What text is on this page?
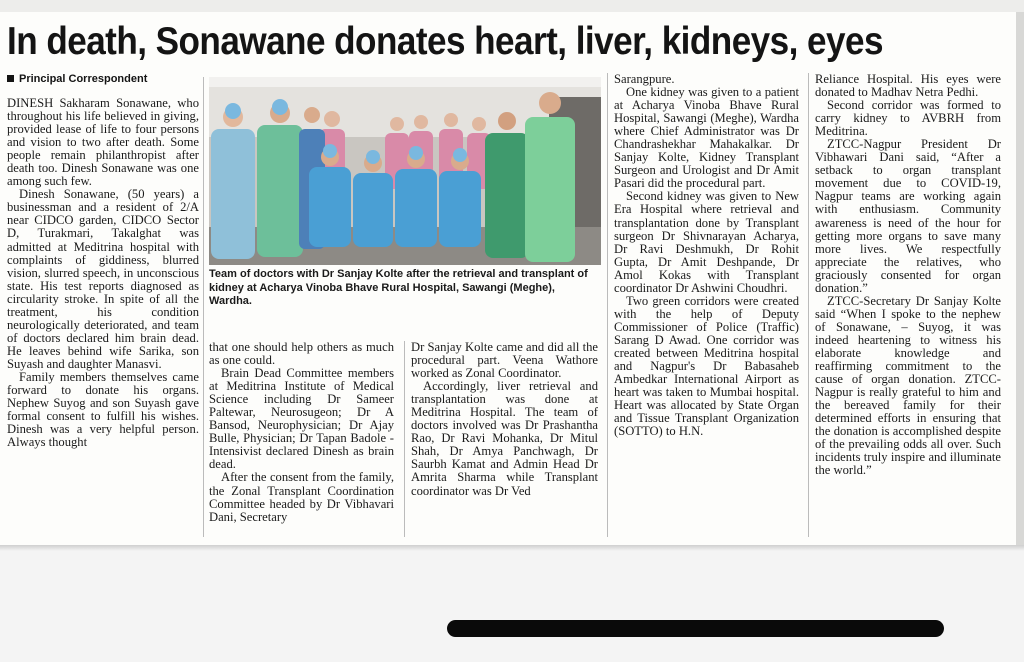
In death, Sonawane donates heart, liver, kidneys, eyes
Principal Correspondent

DINESH Sakharam Sonawane, who throughout his life believed in giving, provided lease of life to four persons and vision to two after death. Some people remain philanthropist after death too. Dinesh Sonawane was one among such few.

Dinesh Sonawane, (50 years) a businessman and a resident of 2/A near CIDCO garden, CIDCO Sector D, Turakmari, Takalghat was admitted at Meditrina hospital with complaints of giddiness, blurred vision, slurred speech, in unconscious state. His test reports diagnosed as circularity stroke. In spite of all the treatment, his condition neurologically deteriorated, and team of doctors declared him brain dead. He leaves behind wife Sarika, son Suyash and daughter Manasvi.

Family members themselves came forward to donate his organs. Nephew Suyog and son Suyash gave formal consent to fulfill his wishes. Dinesh was a very helpful person. Always thought

Team of doctors with Dr Sanjay Kolte after the retrieval and transplant of kidney at Acharya Vinoba Bhave Rural Hospital, Sawangi (Meghe), Wardha.

that one should help others as much as one could.

Brain Dead Committee members at Meditrina Institute of Medical Science including Dr Sameer Paltewar, Neurosugeon; Dr A Bansod, Neurophysician; Dr Ajay Bulle, Physician; Dr Tapan Badole -Intensivist declared Dinesh as brain dead.

After the consent from the family, the Zonal Transplant Coordination Committee headed by Dr Vibhavari Dani, Secretary

Dr Sanjay Kolte came and did all the procedural part. Veena Wathore worked as Zonal Coordinator.

Accordingly, liver retrieval and transplantation was done at Meditrina Hospital. The team of doctors involved was Dr Prashantha Rao, Dr Ravi Mohanka, Dr Mitul Shah, Dr Amya Panchwagh, Dr Saurbh Kamat and Admin Head Dr Amrita Sharma while Transplant coordinator was Dr Ved

Sarangpure.

One kidney was given to a patient at Acharya Vinoba Bhave Rural Hospital, Sawangi (Meghe), Wardha where Chief Administrator was Dr Chandrashekhar Mahakalkar. Dr Sanjay Kolte, Kidney Transplant Surgeon and Urologist and Dr Amit Pasari did the procedural part.

Second kidney was given to New Era Hospital where retrieval and transplantation done by Transplant surgeon Dr Shivnarayan Acharya, Dr Ravi Deshmukh, Dr Rohit Gupta, Dr Amit Deshpande, Dr Amol Kokas with Transplant coordinator Dr Ashwini Choudhri.

Two green corridors were created with the help of Deputy Commissioner of Police (Traffic) Sarang D Awad. One corridor was created between Meditrina hospital and Nagpur's Dr Babasaheb Ambedkar International Airport as heart was taken to Mumbai hospital. Heart was allocated by State Organ and Tissue Transplant Organization (SOTTO) to H.N.

Reliance Hospital. His eyes were donated to Madhav Netra Pedhi.

Second corridor was formed to carry kidney to AVBRH from Meditrina.

ZTCC-Nagpur President Dr Vibhawari Dani said, “After a setback to organ transplant movement due to COVID-19, Nagpur teams are working again with enthusiasm. Community awareness is need of the hour for getting more organs to save many more lives. We respectfully appreciate the relatives, who graciously consented for organ donation.”

ZTCC-Secretary Dr Sanjay Kolte said “When I spoke to the nephew of Sonawane, – Suyog, it was indeed heartening to witness his elaborate knowledge and reaffirming commitment to the cause of organ donation. ZTCC-Nagpur is really grateful to him and the bereaved family for their determined efforts in ensuring that the donation is accomplished despite of the prevailing odds all over. Such incidents truly inspire and illuminate the world.”
